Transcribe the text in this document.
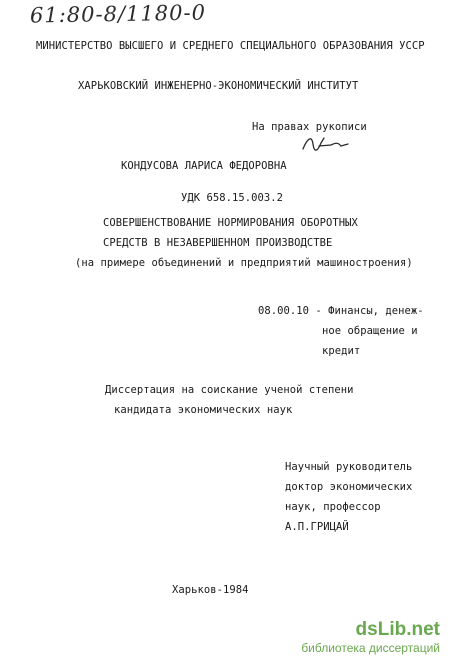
61:80-8/1180-0
МИНИСТЕРСТВО ВЫСШЕГО И СРЕДНЕГО СПЕЦИАЛЬНОГО ОБРАЗОВАНИЯ УССР
ХАРЬКОВСКИЙ ИНЖЕНЕРНО-ЭКОНОМИЧЕСКИЙ ИНСТИТУТ
На правах рукописи
КОНДУСОВА ЛАРИСА ФЕДОРОВНА
УДК 658.15.003.2
СОВЕРШЕНСТВОВАНИЕ НОРМИРОВАНИЯ ОБОРОТНЫХ
СРЕДСТВ В НЕЗАВЕРШЕННОМ ПРОИЗВОДСТВЕ
(на примере объединений и предприятий машиностроения)
08.00.10 - Финансы, денеж-
ное обращение и
кредит
Диссертация на соискание ученой степени
кандидата экономических наук
Научный руководитель
доктор экономических
наук, профессор
А.П.ГРИЦАЙ
Харьков-1984
dsLib.net
библиотека диссертаций
